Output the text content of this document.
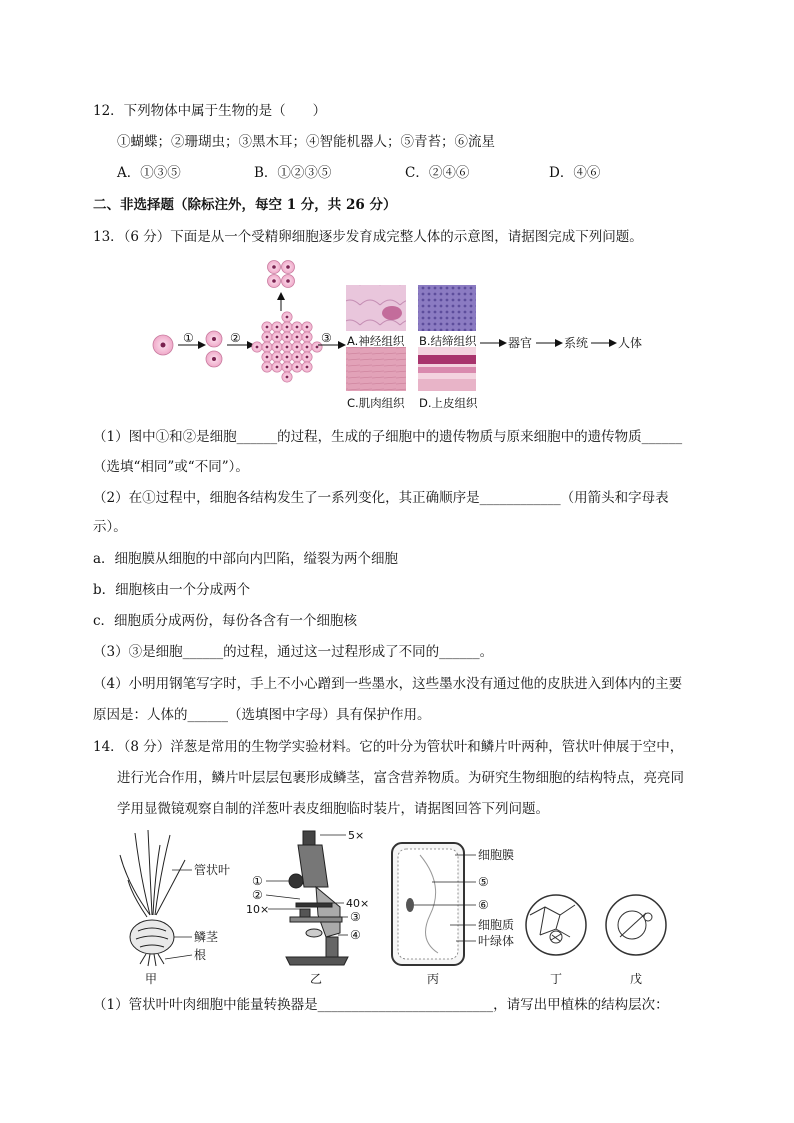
12．下列物体中属于生物的是（　　）
①蝴蝶；②珊瑚虫；③黑木耳；④智能机器人；⑤青苔；⑥流星
A．①③⑤	B．①②③⑤	C．②④⑥	D．④⑥
二、非选择题（除标注外，每空 1 分，共 26 分）
13．（6 分）下面是从一个受精卵细胞逐步发育成完整人体的示意图，请据图完成下列问题。
①	②	③ A.神经组织 B.结缔组织
C.肌肉组织 D.上皮组织
器官	系统 人体
（1）图中①和②是细胞______的过程，生成的子细胞中的遗传物质与原来细胞中的遗传物质______
（选填“相同”或“不同”）。
（2）在①过程中，细胞各结构发生了一系列变化，其正确顺序是____________（用箭头和字母表
示）。
a．细胞膜从细胞的中部向内凹陷，缢裂为两个细胞
b．细胞核由一个分成两个
c．细胞质分成两份，每份各含有一个细胞核
（3）③是细胞______的过程，通过这一过程形成了不同的______。
（4）小明用钢笔写字时，手上不小心蹭到一些墨水，这些墨水没有通过他的皮肤进入到体内的主要
原因是：人体的______（选填图中字母）具有保护作用。
14．（8 分）洋葱是常用的生物学实验材料。它的叶分为管状叶和鳞片叶两种，管状叶伸展于空中，
进行光合作用，鳞片叶层层包裹形成鳞茎，富含营养物质。为研究生物细胞的结构特点，亮亮同
学用显微镜观察自制的洋葱叶表皮细胞临时装片，请据图回答下列问题。
管状叶
鳞茎
根
甲
5×
①
②
10×	40×
③
④
乙
细胞膜
⑤
⑥
细胞质
叶绿体
丙	丁	戊
（1）管状叶叶肉细胞中能量转换器是__________________________，请写出甲植株的结构层次：
